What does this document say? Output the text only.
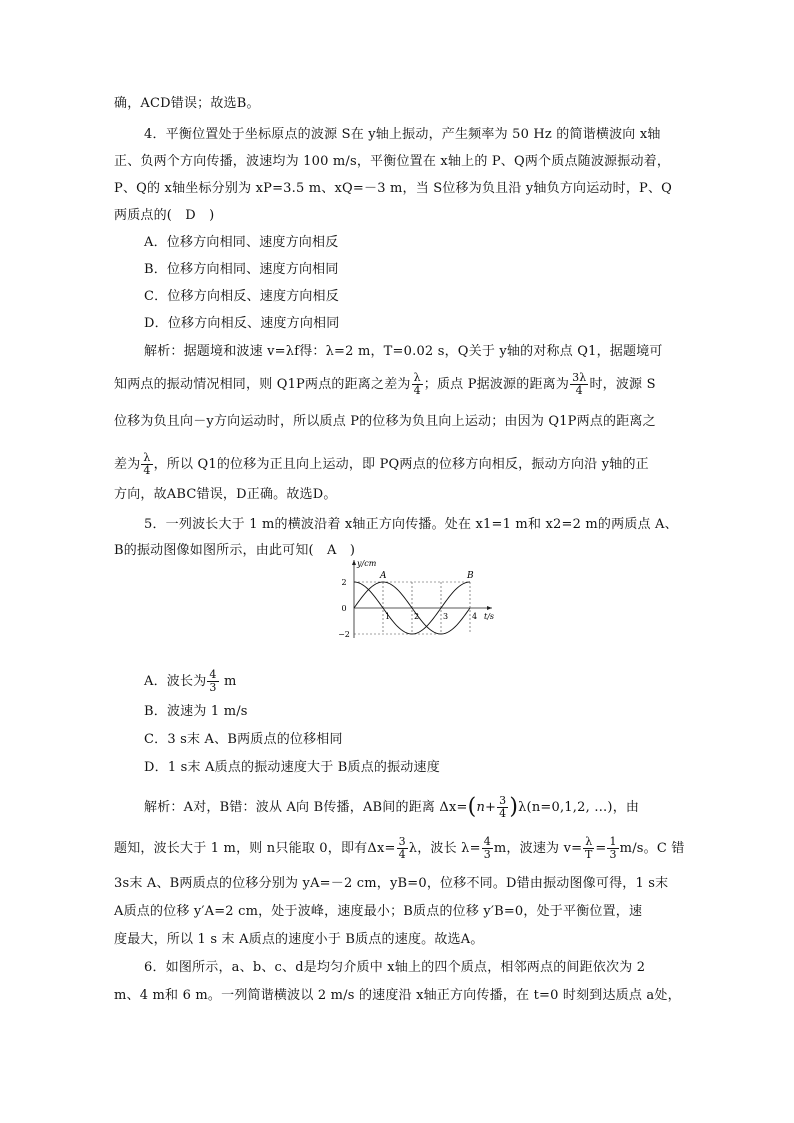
确，ACD错误；故选B。
4．平衡位置处于坐标原点的波源 S在 y轴上振动，产生频率为 50 Hz 的简谐横波向 x轴
正、负两个方向传播，波速均为 100 m/s，平衡位置在 x轴上的 P、Q两个质点随波源振动着，
P、Q的 x轴坐标分别为 xP=3.5 m、xQ=－3 m，当 S位移为负且沿 y轴负方向运动时，P、Q
两质点的(　D　)
A．位移方向相同、速度方向相反
B．位移方向相同、速度方向相同
C．位移方向相反、速度方向相反
D．位移方向相反、速度方向相同
解析：据题境和波速 v=λf得：λ=2 m，T=0.02 s，Q关于 y轴的对称点 Q1，据题境可
知两点的振动情况相同，则 Q1P两点的距离之差为 $\frac{\lambda}{4}$ ；质点 P据波源的距离为 $\frac{3\lambda}{4}$ 时，波源 S
位移为负且向－y方向运动时，所以质点 P的位移为负且向上运动；由因为 Q1P两点的距离之
差为 $\frac{\lambda}{4}$ ，所以 Q1的位移为正且向上运动，即 PQ两点的位移方向相反，振动方向沿 y轴的正
方向，故ABC错误，D正确。故选D。
5．一列波长大于 1 m的横波沿着 x轴正方向传播。处在 x1=1 m和 x2=2 m的两质点 A、
B的振动图像如图所示，由此可知(　A　)
1	2	3	4
2
0
−2
t/s
y/cm
A	B
A．波长为 $\frac{4}{3}$ m
B．波速为 1 m/s
C．3 s末 A、B两质点的位移相同
D．1 s末 A质点的振动速度大于 B质点的振动速度
解析：A对，B错：波从 A向 B传播，AB间的距离 $\Delta x=(n+ \frac{3}{4} )\lambda(n=0,1,2$, …)，由
题知，波长大于 1 m，则 n只能取 0，即有$\Delta x= \frac{3}{4}$ λ，波长 $\lambda= \frac{4}{3}$ m，波速为 $v= \frac{\lambda}{T} = \frac{1}{3} m/s$。C 错
3s末 A、B两质点的位移分别为 yA=－2 cm，yB=0，位移不同。D错由振动图像可得，1 s末
A质点的位移 y′A=2 cm，处于波峰，速度最小；B质点的位移 y′B=0，处于平衡位置，速
度最大，所以 1 s 末 A质点的速度小于 B质点的速度。故选A。
6．如图所示，a、b、c、d是均匀介质中 x轴上的四个质点，相邻两点的间距依次为 2
m、4 m和 6 m。一列简谐横波以 2 m/s 的速度沿 x轴正方向传播，在 t=0 时刻到达质点 a处，
